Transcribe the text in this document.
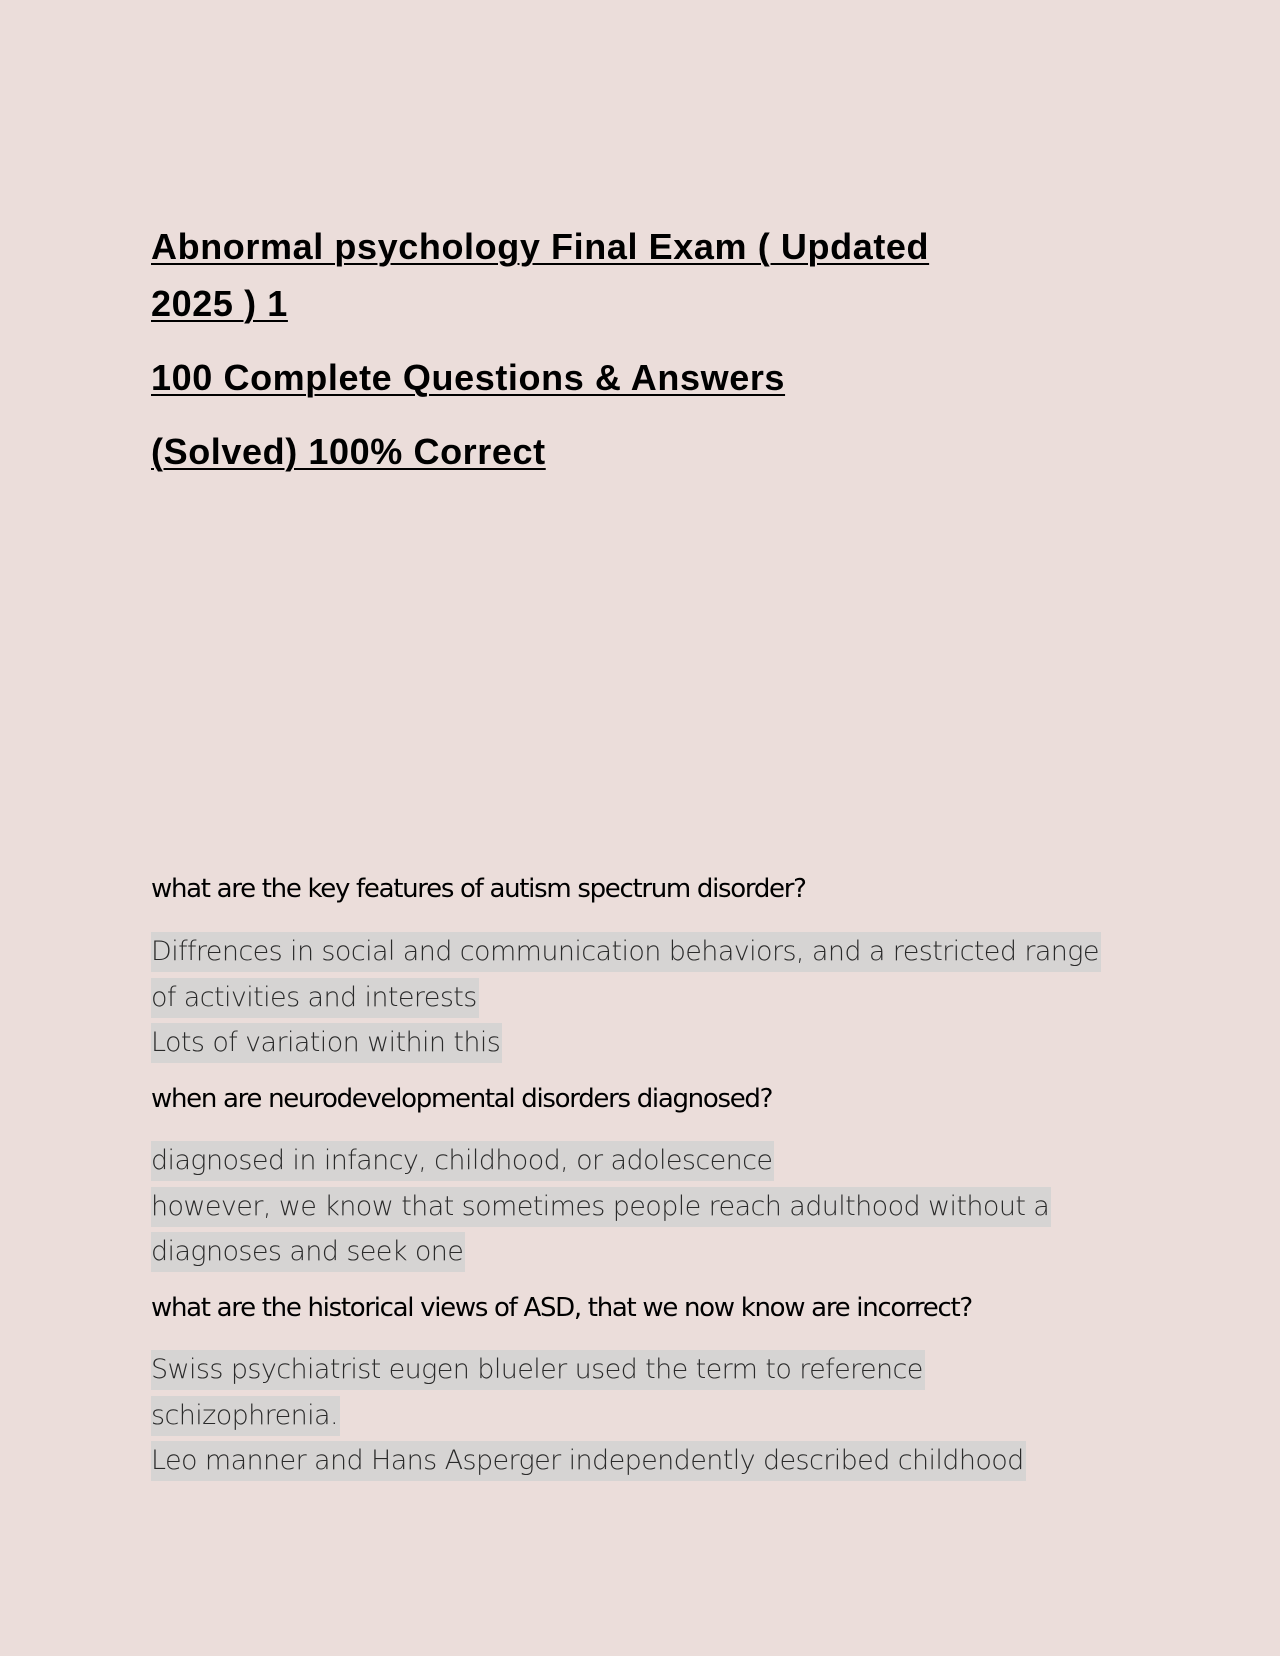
Abnormal psychology Final Exam ( Updated

2025 ) 1

100 Complete Questions & Answers

(Solved) 100% Correct

what are the key features of autism spectrum disorder?

Diffrences in social and communication behaviors, and a restricted range
of activities and interests
Lots of variation within this

when are neurodevelopmental disorders diagnosed?

diagnosed in infancy, childhood, or adolescence
however, we know that sometimes people reach adulthood without a
diagnoses and seek one

what are the historical views of ASD, that we now know are incorrect?

Swiss psychiatrist eugen blueler used the term to reference
schizophrenia.
Leo manner and Hans Asperger independently described childhood
